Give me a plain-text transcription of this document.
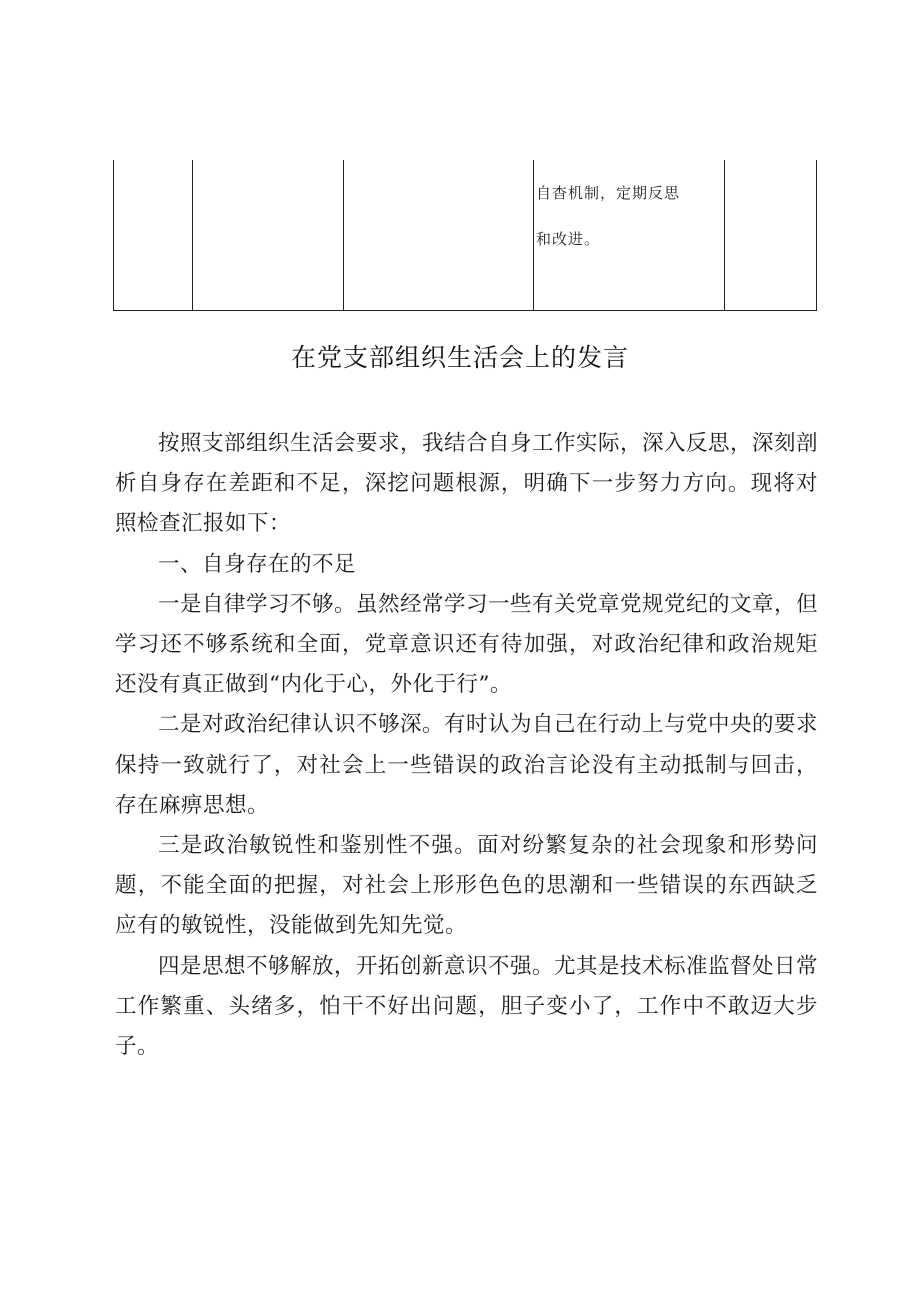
自杳机制，定期反思
和改进。
在党支部组织生活会上的发言

按照支部组织生活会要求，我结合自身工作实际，深入反思，深刻剖析自身存在差距和不足，深挖问题根源，明确下一步努力方向。现将对照检查汇报如下：

一、自身存在的不足

一是自律学习不够。虽然经常学习一些有关党章党规党纪的文章，但学习还不够系统和全面，党章意识还有待加强，对政治纪律和政治规矩还没有真正做到“内化于心，外化于行”。

二是对政治纪律认识不够深。有时认为自己在行动上与党中央的要求保持一致就行了，对社会上一些错误的政治言论没有主动抵制与回击，存在麻痹思想。

三是政治敏锐性和鉴别性不强。面对纷繁复杂的社会现象和形势问题，不能全面的把握，对社会上形形色色的思潮和一些错误的东西缺乏应有的敏锐性，没能做到先知先觉。

四是思想不够解放，开拓创新意识不强。尤其是技术标准监督处日常工作繁重、头绪多，怕干不好出问题，胆子变小了，工作中不敢迈大步子。
